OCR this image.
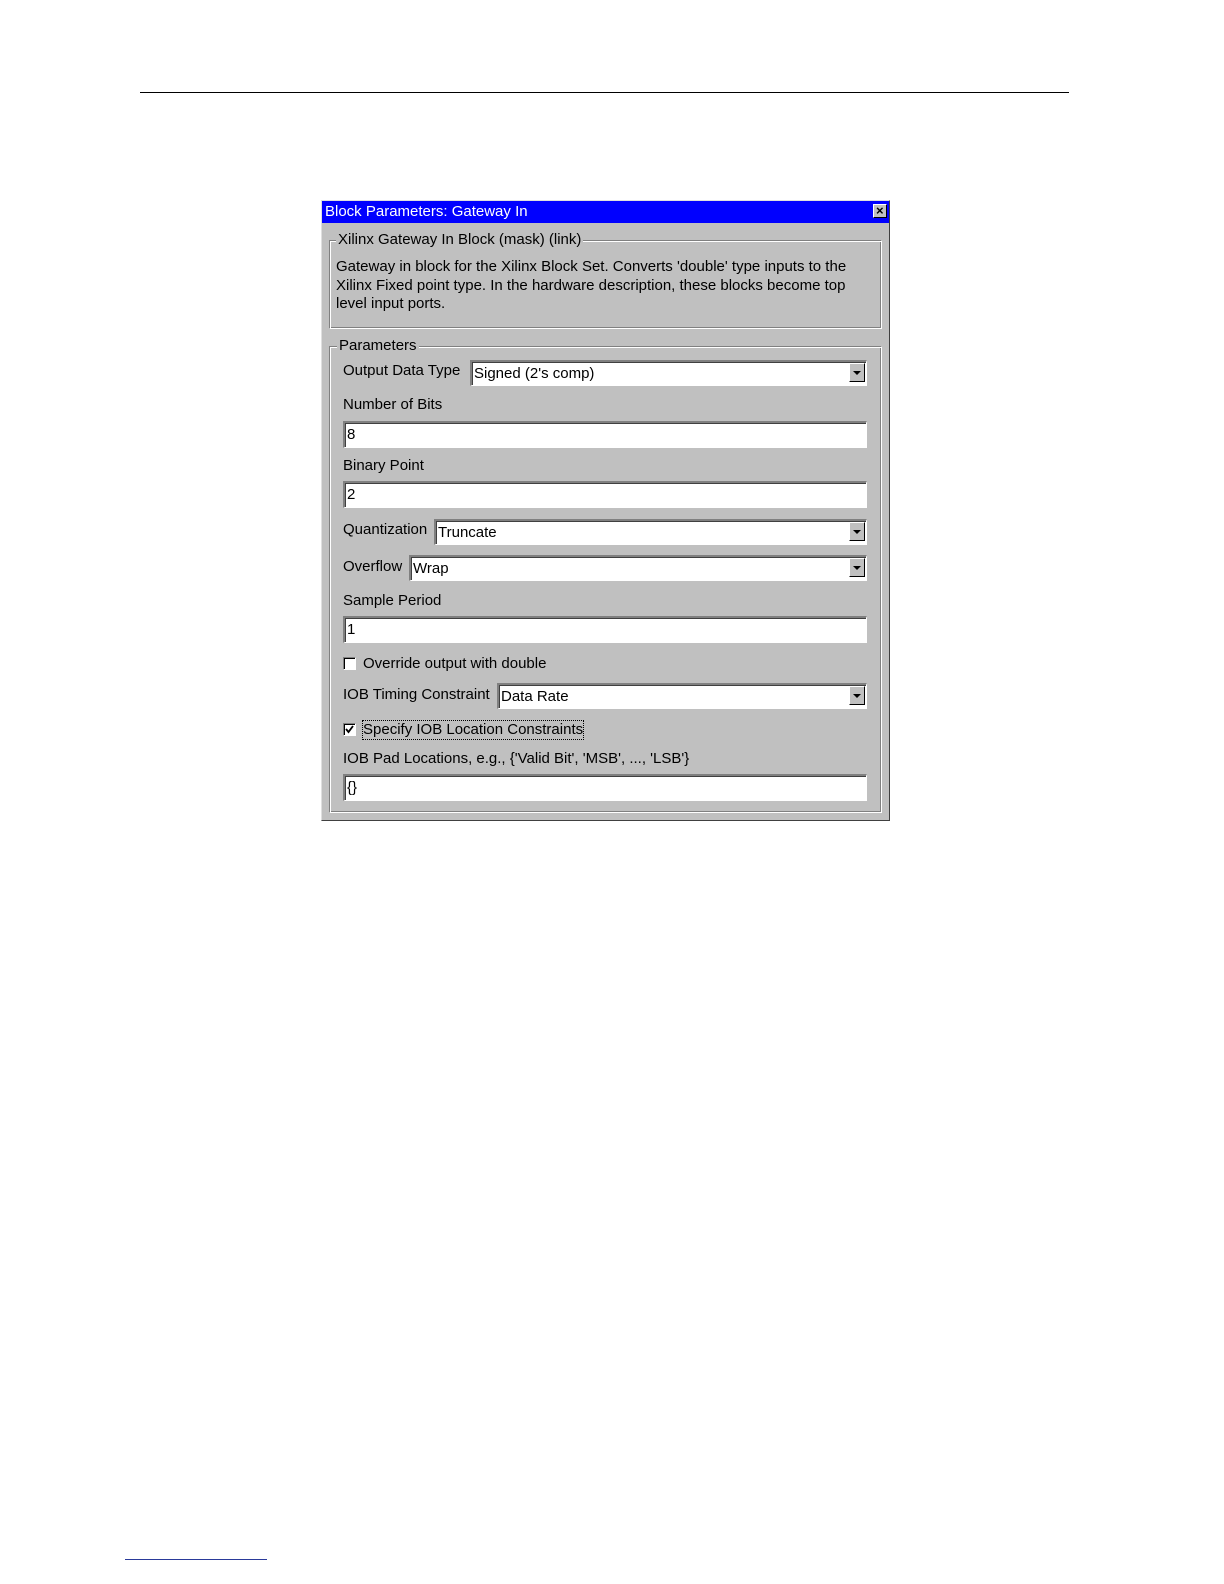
Block Parameters: Gateway In	×
Xilinx Gateway In Block (mask) (link)
Gateway in block for the Xilinx Block Set. Converts 'double' type inputs to the Xilinx Fixed point type. In the hardware description, these blocks become top level input ports.
Parameters
Output Data Type Signed (2's comp)
Number of Bits
8
Binary Point
2
Quantization Truncate
Overflow Wrap
Sample Period
1
Override output with double
IOB Timing Constraint Data Rate
Specify IOB Location Constraints
IOB Pad Locations, e.g., {'Valid Bit', 'MSB', ..., 'LSB'}
{}
